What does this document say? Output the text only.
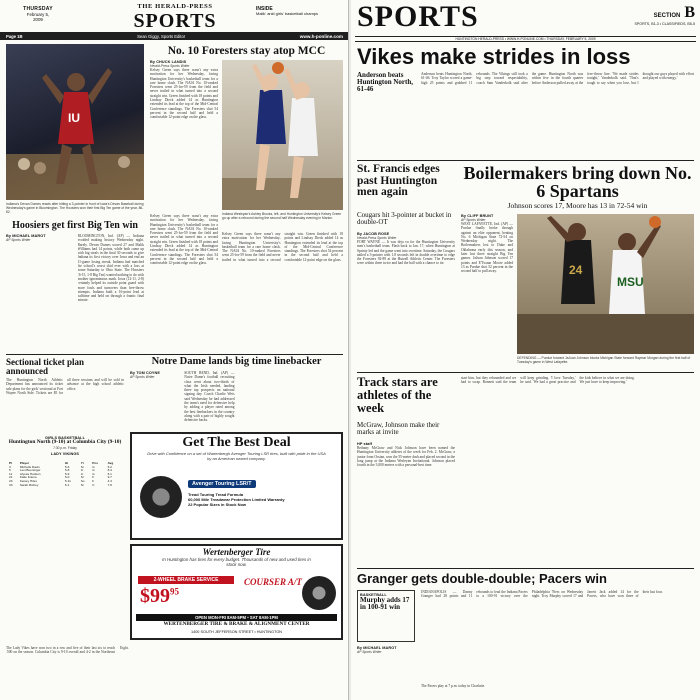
THURSDAY
February 5,
2009
THE HERALD-PRESS
SPORTS
INSIDE
Malik' ankl girls' basketball champs
Page 1B	Sean Giggy, Sports Editor	www.h-ponline.com
IU
Indiana's Devan Dumes reacts after hitting a 3-pointer in front of Iowa's Devan Baseball during Wednesday's game in Bloomington. The Hoosiers won their first Big Ten game of the year, 86-82.
Hoosiers get first Big Ten win
By MICHAEL MAROT
AP Sports Writer
BLOOMINGTON, Ind. (AP) — Indiana avoided making history Wednesday night. Barely. Devan Dumes scored 27 and Malik Williams had 14 points, while both came up with big steals in the final 30 seconds to give Indiana its first victory over Iowa and end an 11-game losing streak. Indiana had matched the school's worst skid ever with a loss at home Saturday to Ohio State. The Hoosiers (6-15, 1-8 Big Ten) wanted nothing to do with another ignominious mark. Iowa (12-11, 2-8) certainly helped its outside point guard with more fouls and turnovers than free-throw attempts. Indiana built a 16-point lead at halftime and held on through a frantic final minute.
No. 10 Foresters stay atop MCC
By CHUCK LANDIS
Herald-Press Sports Writer
Kelsey Green says there wasn't any extra motivation for her Wednesday, facing Huntington University's basketball team for a rare home clash. The NAIA No. 10-ranked Foresters went 25-for-59 from the field and never trailed in what turned into a second straight win. Green finished with 18 points and Lindsay Dieck added 14 as Huntington extended its lead at the top of the Mid-Central Conference standings. The Foresters shot 54 percent in the second half and held a comfortable 12-point edge on the glass.
Indiana Wesleyan's Ashley Brooks, left, and Huntington University's Kelsey Green go up after a rebound during the second half Wednesday evening in Marion.
Kelsey Green says there wasn't any extra motivation for her Wednesday, facing Huntington University's basketball team for a rare home clash. The NAIA No. 10-ranked Foresters went 25-for-59 from the field and never trailed in what turned into a second straight win. Green finished with 18 points and Lindsay Dieck added 14 as Huntington extended its lead at the top of the Mid-Central Conference standings. The Foresters shot 54 percent in the second half and held a comfortable 12-point edge on the glass.
Kelsey Green says there wasn't any extra motivation for her Wednesday, facing Huntington University's basketball team for a rare home clash. The NAIA No. 10-ranked Foresters went 25-for-59 from the field and never trailed in what turned into a second straight win. Green finished with 18 points and Lindsay Dieck added 14 as Huntington extended its lead at the top of the Mid-Central Conference standings. The Foresters shot 54 percent in the second half and held a comfortable 12-point edge on the glass.
Sectional ticket plan announced
The Huntington North Athletic Department has announced its ticket sale plans for the girls' sectional at Fort Wayne North Side. Tickets are $5 for all three sessions and will be sold in advance at the high school athletic office.
GIRLS BASKETBALL
Huntington North (9-10) at Columbia City (9-10)
7:30 p.m. Friday
LADY VIKINGS
Pl	Player	Ht	Yr	Pos	Avg
3	Michelle Davis	5-6	Sr	G	5.2
5	Lexi Bueninger	5-8	Jr	G	8.4
11	Alyssa Hudson	5-9	Jr	G	6.1
21	Katie Frame	6-0	Sr	F	9.7
23	Kelsey Hiles	5-11	So	F	4.3
33	Sarah Richey	6-1	Sr	C	7.8
Notre Dame lands big time linebacker
By TOM COYNE
AP Sports Writer
SOUTH BEND, Ind. (AP) — Notre Dame's football recruiting class went about two-thirds of what the Irish needed, landing three top prospects on national signing day. Coach Charlie Weis said Wednesday he had addressed the team's need for defensive help by adding a player rated among the best linebackers in the country along with a pair of highly sought defensive backs.
Get The Best Deal
Drive with Confidence on a set of Wartenbergh Avenger Touring LSR tires, built with pride in the USA by an American owned company.
Avenger Touring LSR/T
Tread Touring Tread Formula
60,000 Mile Treadwear Protection Limited Warranty
22 Popular Sizes in Stock Now
Wertenberger Tire
In Huntington has tires for every budget. Thousands of new and used tires in stock now.
2-WHEEL BRAKE SERVICE
$\$99^{95}$
COURSER A/T
OPEN MON-FRI 8AM-5PM • SAT 8AM-1PM
WERTENBERGER TIRE & BRAKE & ALIGNMENT CENTER
1400 SOUTH JEFFERSON STREET • HUNTINGTON
The Lady Vikes have won two in a row and five of their last six to reach .500 on the season. Columbia City is 9-10 overall and 4-2 in the Northeast Eight.
SPORTS	SECTION B
SPORTS, B1-3 • CLASSIFIEDS, B5-5
HUNTINGTON HERALD-PRESS • WWW.H-PONLINE.COM • THURSDAY, FEBRUARY 5, 2009
Vikes make strides in loss
Anderson beats Huntington North, 61-46
Anderson beats Huntington North, 61-46. Troy Taylor scored a game-high 25 points and grabbed 11 rebounds. The Vikings still took a big step toward respectability, coach Sam Vanderkolk said after the game. Huntington North was within five in the fourth quarter before Anderson pulled away at the free-throw line. 'We made strides tonight,' Vanderkolk said. 'That's tough to say when you lose, but I thought our guys played with effort and played with energy.'
St. Francis edges past Huntington men again
Cougars hit 3-pointer at bucket in double-OT
By JACOB ROSE
Herald-Press Sports Writer
FORT WAYNE — It was deja vu for the Huntington University men's basketball team. Flash back to Jan. 17, when Huntington at Sprinty led and the game went into overtime. Saturday, the Cougars nailed a 3-pointer with 1.8 seconds left in double overtime to edge the Foresters 92-89 at the Hutzell Athletic Center. The Foresters were within three twice and had the ball with a chance to tie.
Boilermakers bring down No. 6 Spartans
Johnson scores 17, Moore has 13 in 72-54 win
By CLIFF BRUNT
AP Sports Writer
WEST LAFAYETTE, Ind. (AP) — Purdue finally broke through against an elite opponent, beating No. 6 Michigan State 72-54 on Wednesday night. The Boilermakers lost to Duke and Oklahoma early this season, and later lost three straight Big Ten games. JaJuan Johnson scored 17 points and E'Twaun Moore added 13 as Purdue shot 52 percent in the second half to pull away.	24
MSU
DEFENDING — Purdue forward JaJuan Johnson blocks Michigan State forward Raymar Morgan during the first half of Tuesday's game in West Lafayette.
Track stars are athletes of the week
McGraw, Johnson make their marks at invite
HP staff
Bethany McGraw and Nick Johnson have been named the Huntington University athletes of the week for Feb. 2. McGraw, a junior from Ossian, won the 55-meter dash and placed second in the long jump at the Indiana Wesleyan Invitational. Johnson placed fourth in the 3,000 meters with a personal-best time.
start him, but they rebounded and we had to scrap. Bonnett said the team will keep grinding. 'I love Tuesday,' he said. 'We had a great practice and the kids believe in what we are doing. We just have to keep improving.'
Granger gets double-double; Pacers win
BASKETBALL
Murphy adds 17 in 100-91 win
By MICHAEL MAROT
AP Sports Writer
INDIANAPOLIS — Danny Granger had 28 points and 11 rebounds to lead the Indiana Pacers to a 100-91 victory over the Philadelphia 76ers on Wednesday night. Troy Murphy scored 17 and Jarrett Jack added 14 for the Pacers, who have won three of their last four.
The Pacers play at 7 p.m. today in Charlotte.
